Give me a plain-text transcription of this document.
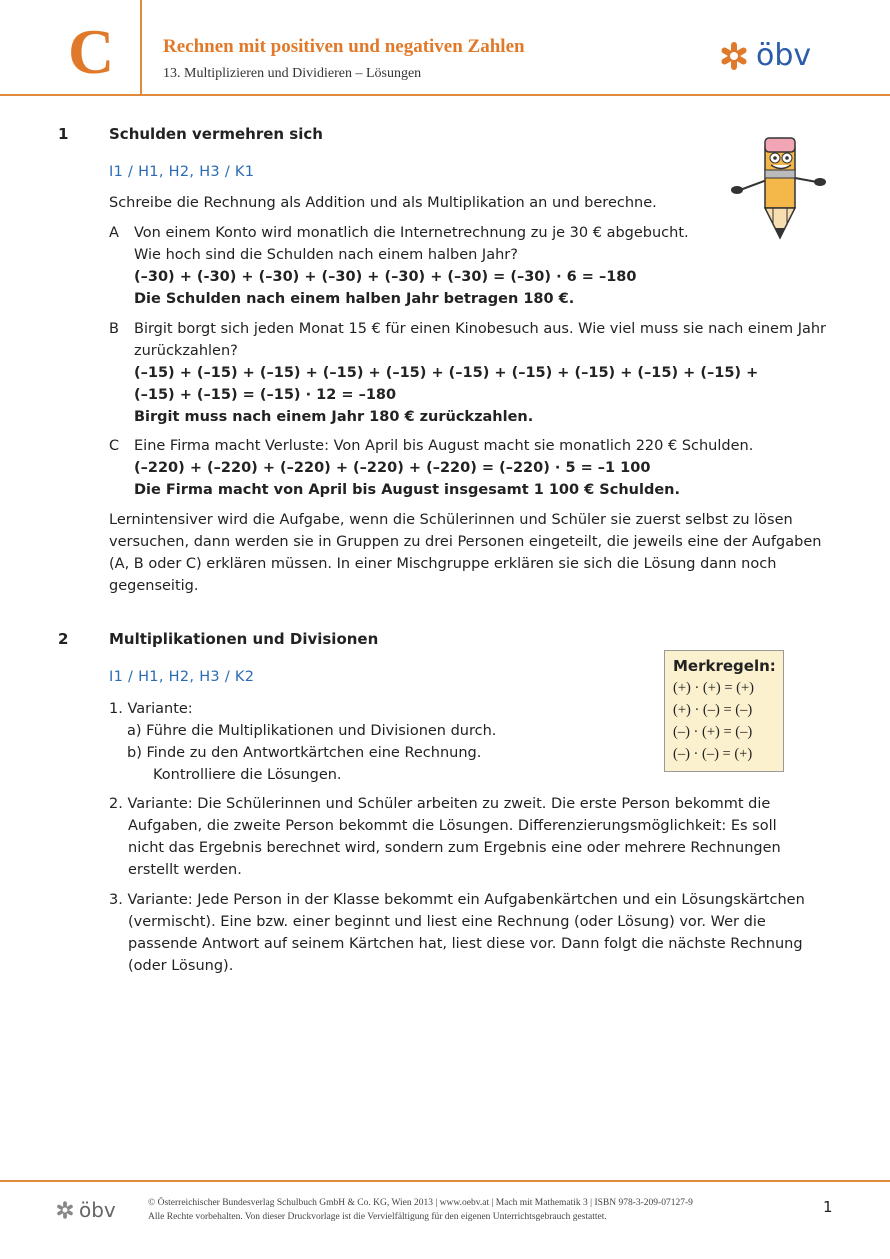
C	Rechnen mit positiven und negativen Zahlen
13. Multiplizieren und Dividieren – Lösungen
öbv
1	Schulden vermehren sich
I1 / H1, H2, H3 / K1
Schreibe die Rechnung als Addition und als Multiplikation an und berechne.
A Von einem Konto wird monatlich die Internetrechnung zu je 30 € abgebucht.
Wie hoch sind die Schulden nach einem halben Jahr?
(–30) + (-30) + (–30) + (–30) + (–30) + (–30) = (–30) · 6 = –180
Die Schulden nach einem halben Jahr betragen 180 €.
B Birgit borgt sich jeden Monat 15 € für einen Kinobesuch aus. Wie viel muss sie nach einem Jahr
zurückzahlen?
(–15) + (–15) + (–15) + (–15) + (–15) + (–15) + (–15) + (–15) + (–15) + (–15) +
(–15) + (–15) = (–15) · 12 = –180
Birgit muss nach einem Jahr 180 € zurückzahlen.
C Eine Firma macht Verluste: Von April bis August macht sie monatlich 220 € Schulden.
(–220) + (–220) + (–220) + (–220) + (–220) = (–220) · 5 = –1 100
Die Firma macht von April bis August insgesamt 1 100 € Schulden.
Lernintensiver wird die Aufgabe, wenn die Schülerinnen und Schüler sie zuerst selbst zu lösen
versuchen, dann werden sie in Gruppen zu drei Personen eingeteilt, die jeweils eine der Aufgaben
(A, B oder C) erklären müssen. In einer Mischgruppe erklären sie sich die Lösung dann noch
gegenseitig.
2	Multiplikationen und Divisionen
I1 / H1, H2, H3 / K2
1. Variante:
a) Führe die Multiplikationen und Divisionen durch.
b) Finde zu den Antwortkärtchen eine Rechnung.
Kontrolliere die Lösungen.
2. Variante: Die Schülerinnen und Schüler arbeiten zu zweit. Die erste Person bekommt die
Aufgaben, die zweite Person bekommt die Lösungen. Differenzierungsmöglichkeit: Es soll
nicht das Ergebnis berechnet wird, sondern zum Ergebnis eine oder mehrere Rechnungen
erstellt werden.
3. Variante: Jede Person in der Klasse bekommt ein Aufgabenkärtchen und ein Lösungskärtchen
(vermischt). Eine bzw. einer beginnt und liest eine Rechnung (oder Lösung) vor. Wer die
passende Antwort auf seinem Kärtchen hat, liest diese vor. Dann folgt die nächste Rechnung
(oder Lösung).
Merkregeln:
(+) · (+) = (+)
(+) · (–) = (–)
(–) · (+) = (–)
(–) · (–) = (+)
öbv	© Österreichischer Bundesverlag Schulbuch GmbH & Co. KG, Wien 2013 | www.oebv.at | Mach mit Mathematik 3 | ISBN 978-3-209-07127-9
Alle Rechte vorbehalten. Von dieser Druckvorlage ist die Vervielfältigung für den eigenen Unterrichtsgebrauch gestattet.
1
